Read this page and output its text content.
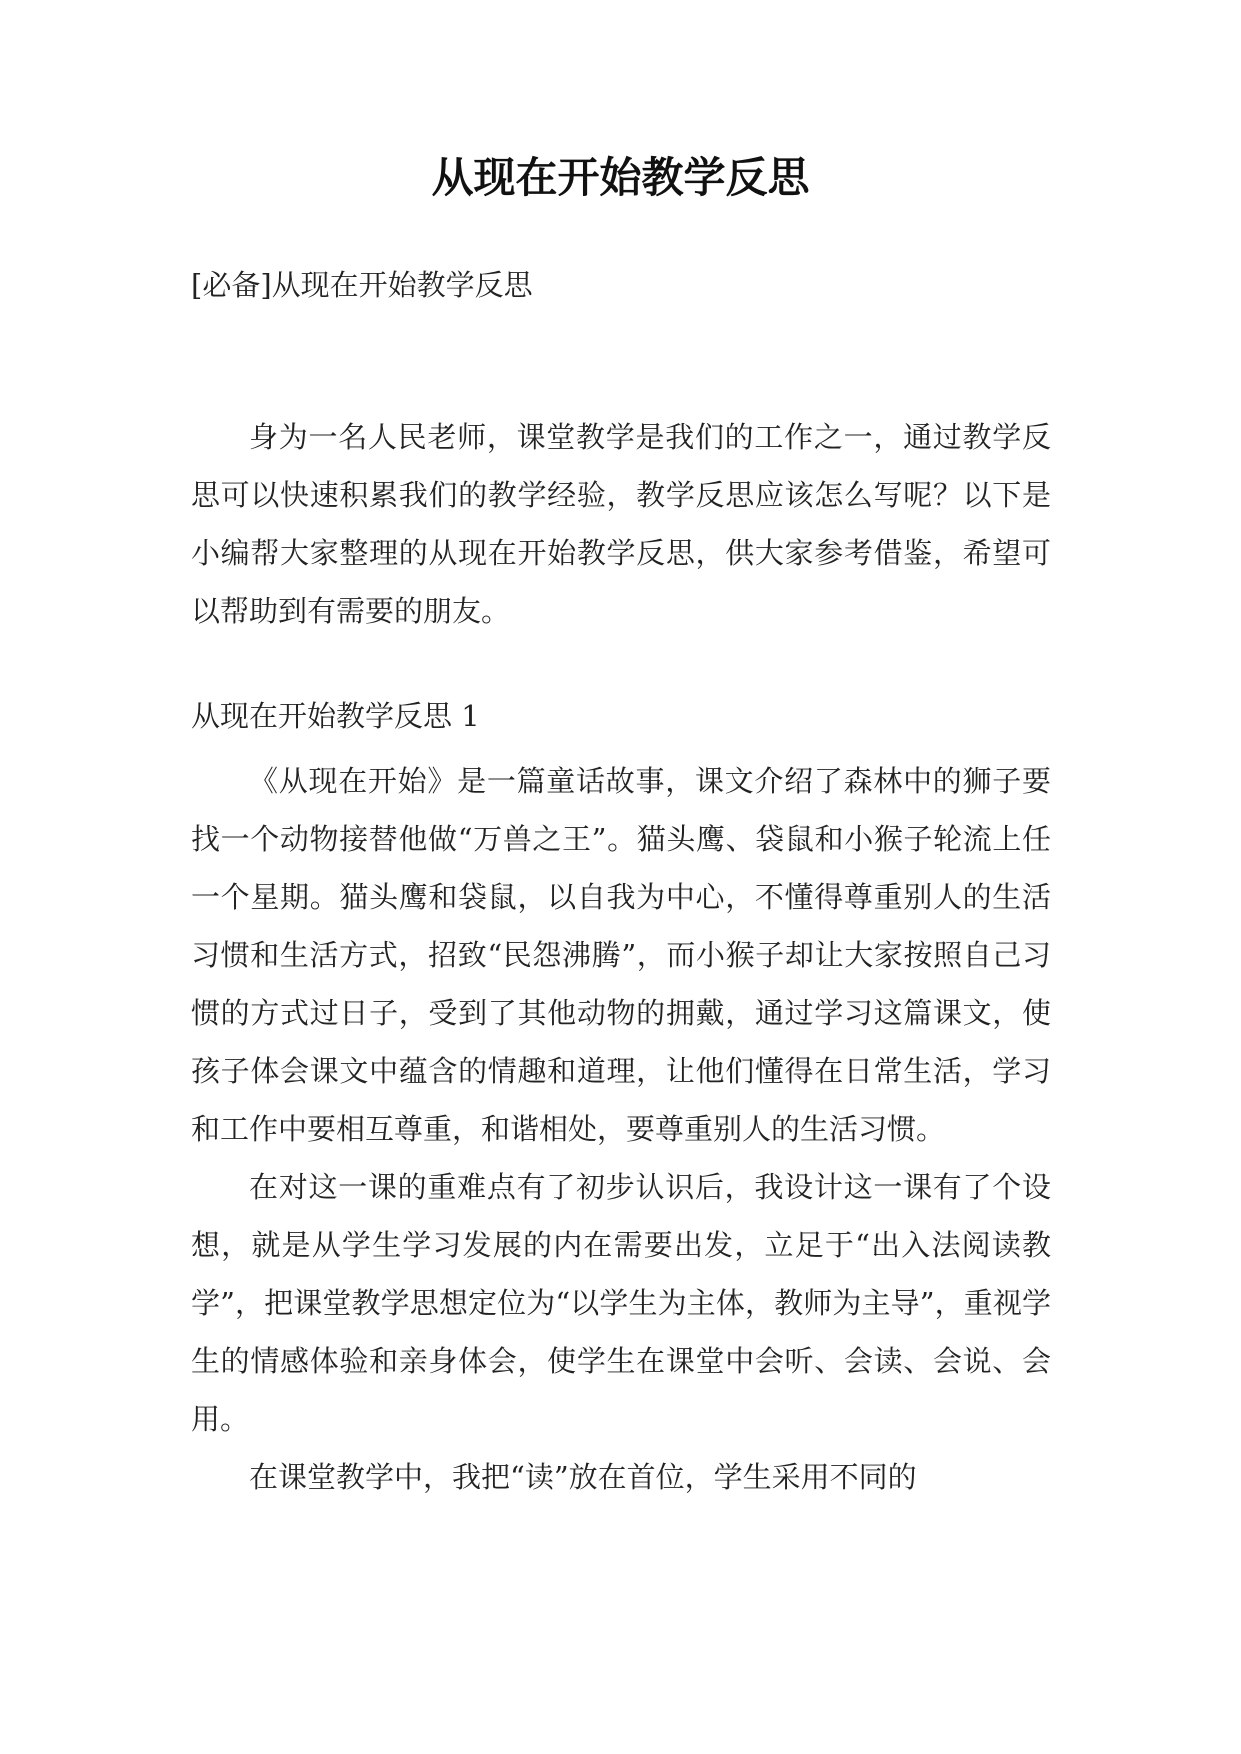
从现在开始教学反思

[必备]从现在开始教学反思

身为一名人民老师，课堂教学是我们的工作之一，通过教学反思可以快速积累我们的教学经验，教学反思应该怎么写呢？以下是小编帮大家整理的从现在开始教学反思，供大家参考借鉴，希望可以帮助到有需要的朋友。

从现在开始教学反思 1

《从现在开始》是一篇童话故事，课文介绍了森林中的狮子要找一个动物接替他做“万兽之王”。猫头鹰、袋鼠和小猴子轮流上任一个星期。猫头鹰和袋鼠，以自我为中心，不懂得尊重别人的生活习惯和生活方式，招致“民怨沸腾”，而小猴子却让大家按照自己习惯的方式过日子，受到了其他动物的拥戴，通过学习这篇课文，使孩子体会课文中蕴含的情趣和道理，让他们懂得在日常生活，学习和工作中要相互尊重，和谐相处，要尊重别人的生活习惯。

在对这一课的重难点有了初步认识后，我设计这一课有了个设想，就是从学生学习发展的内在需要出发，立足于“出入法阅读教学”，把课堂教学思想定位为“以学生为主体，教师为主导”，重视学生的情感体验和亲身体会，使学生在课堂中会听、会读、会说、会用。

在课堂教学中，我把“读”放在首位，学生采用不同的
